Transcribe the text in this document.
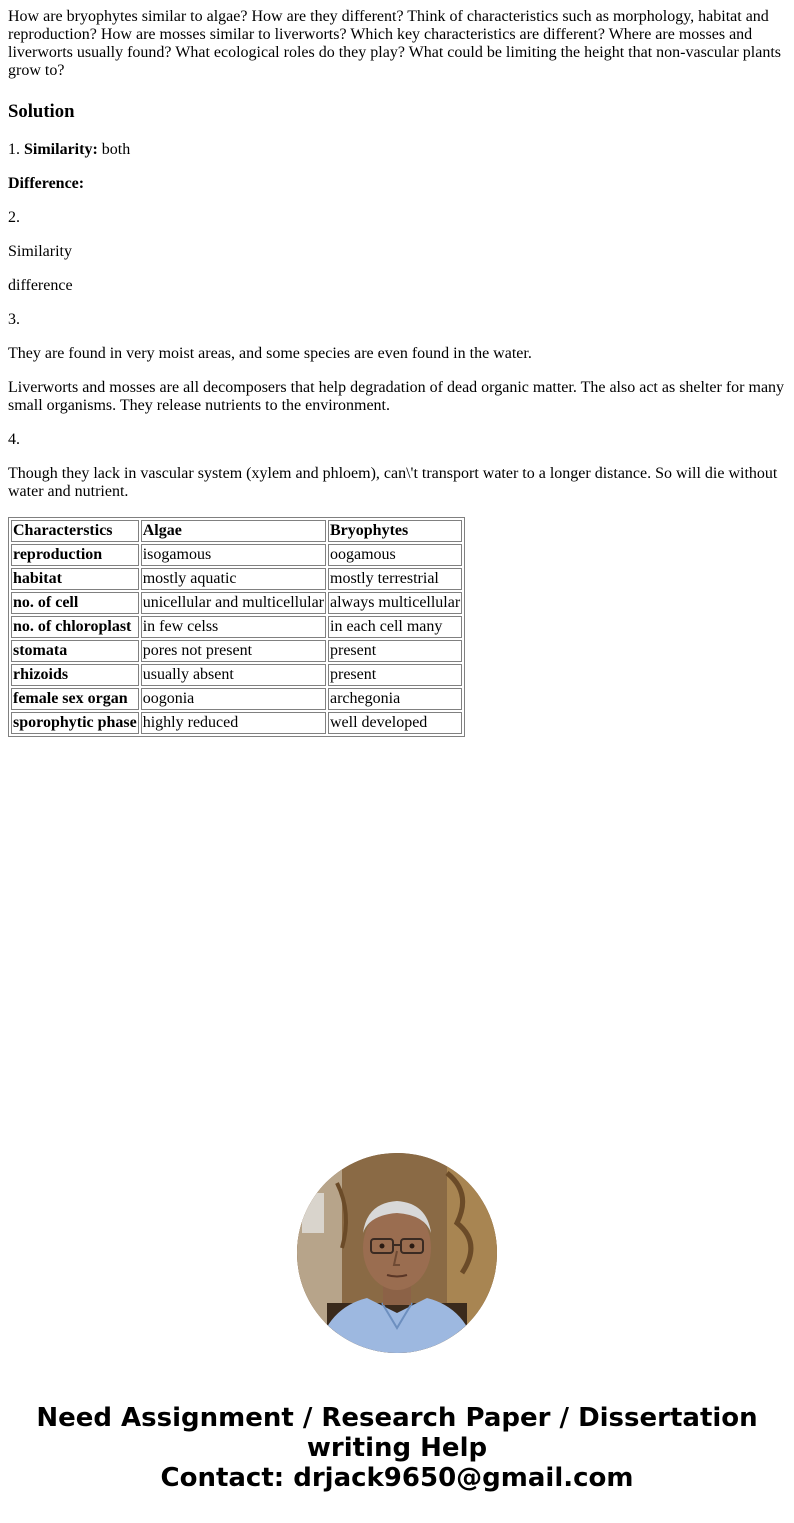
How are bryophytes similar to algae? How are they different? Think of characteristics such as morphology, habitat and reproduction? How are mosses similar to liverworts? Which key characteristics are different? Where are mosses and liverworts usually found? What ecological roles do they play? What could be limiting the height that non-vascular plants grow to?
Solution

1. Similarity: both

Difference:

2.

Similarity

difference

3.

They are found in very moist areas, and some species are even found in the water.

Liverworts and mosses are all decomposers that help degradation of dead organic matter. The also act as shelter for many small organisms. They release nutrients to the environment.

4.

Though they lack in vascular system (xylem and phloem), can\'t transport water to a longer distance. So will die without water and nutrient.

Characterstics	Algae	Bryophytes
reproduction	isogamous	oogamous
habitat	mostly aquatic	mostly terrestrial
no. of cell	unicellular and multicellular	always multicellular
no. of chloroplast	in few celss	in each cell many
stomata	pores not present	present
rhizoids	usually absent	present
female sex organ	oogonia	archegonia
sporophytic phase	highly reduced	well developed
Need Assignment / Research Paper / Dissertation
writing Help
Contact: drjack9650@gmail.com
